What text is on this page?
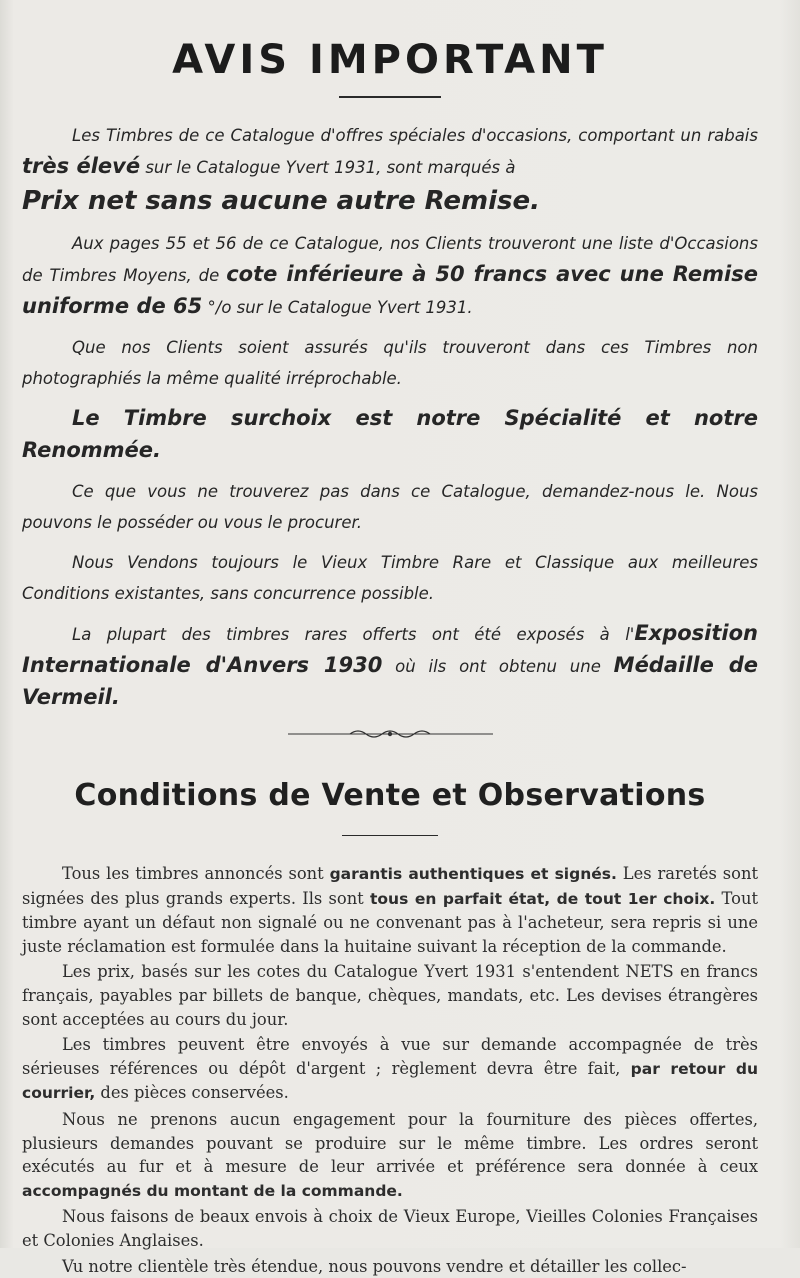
AVIS IMPORTANT

Les Timbres de ce Catalogue d'offres spéciales d'occasions, comportant un rabais très élevé sur le Catalogue Yvert 1931, sont marqués à
Prix net sans aucune autre Remise.

Aux pages 55 et 56 de ce Catalogue, nos Clients trouveront une liste d'Occasions de Timbres Moyens, de cote inférieure à 50 francs avec une Remise uniforme de 65 °/o sur le Catalogue Yvert 1931.

Que nos Clients soient assurés qu'ils trouveront dans ces Timbres non photographiés la même qualité irréprochable.

Le Timbre surchoix est notre Spécialité et notre Renommée.

Ce que vous ne trouverez pas dans ce Catalogue, demandez-nous le. Nous pouvons le posséder ou vous le procurer.

Nous Vendons toujours le Vieux Timbre Rare et Classique aux meilleures Conditions existantes, sans concurrence possible.

La plupart des timbres rares offerts ont été exposés à l'Exposition Internationale d'Anvers 1930 où ils ont obtenu une Médaille de Vermeil.

Conditions de Vente et Observations

Tous les timbres annoncés sont garantis authentiques et signés. Les raretés sont signées des plus grands experts. Ils sont tous en parfait état, de tout 1er choix. Tout timbre ayant un défaut non signalé ou ne convenant pas à l'acheteur, sera repris si une juste réclamation est formulée dans la huitaine suivant la réception de la commande.

Les prix, basés sur les cotes du Catalogue Yvert 1931 s'entendent NETS en francs français, payables par billets de banque, chèques, mandats, etc. Les devises étrangères sont acceptées au cours du jour.

Les timbres peuvent être envoyés à vue sur demande accompagnée de très sérieuses références ou dépôt d'argent ; règlement devra être fait, par retour du courrier, des pièces conservées.

Nous ne prenons aucun engagement pour la fourniture des pièces offertes, plusieurs demandes pouvant se produire sur le même timbre. Les ordres seront exécutés au fur et à mesure de leur arrivée et préférence sera donnée à ceux accompagnés du montant de la commande.

Nous faisons de beaux envois à choix de Vieux Europe, Vieilles Colonies Françaises et Colonies Anglaises.

Vu notre clientèle très étendue, nous pouvons vendre et détailler les collec-
